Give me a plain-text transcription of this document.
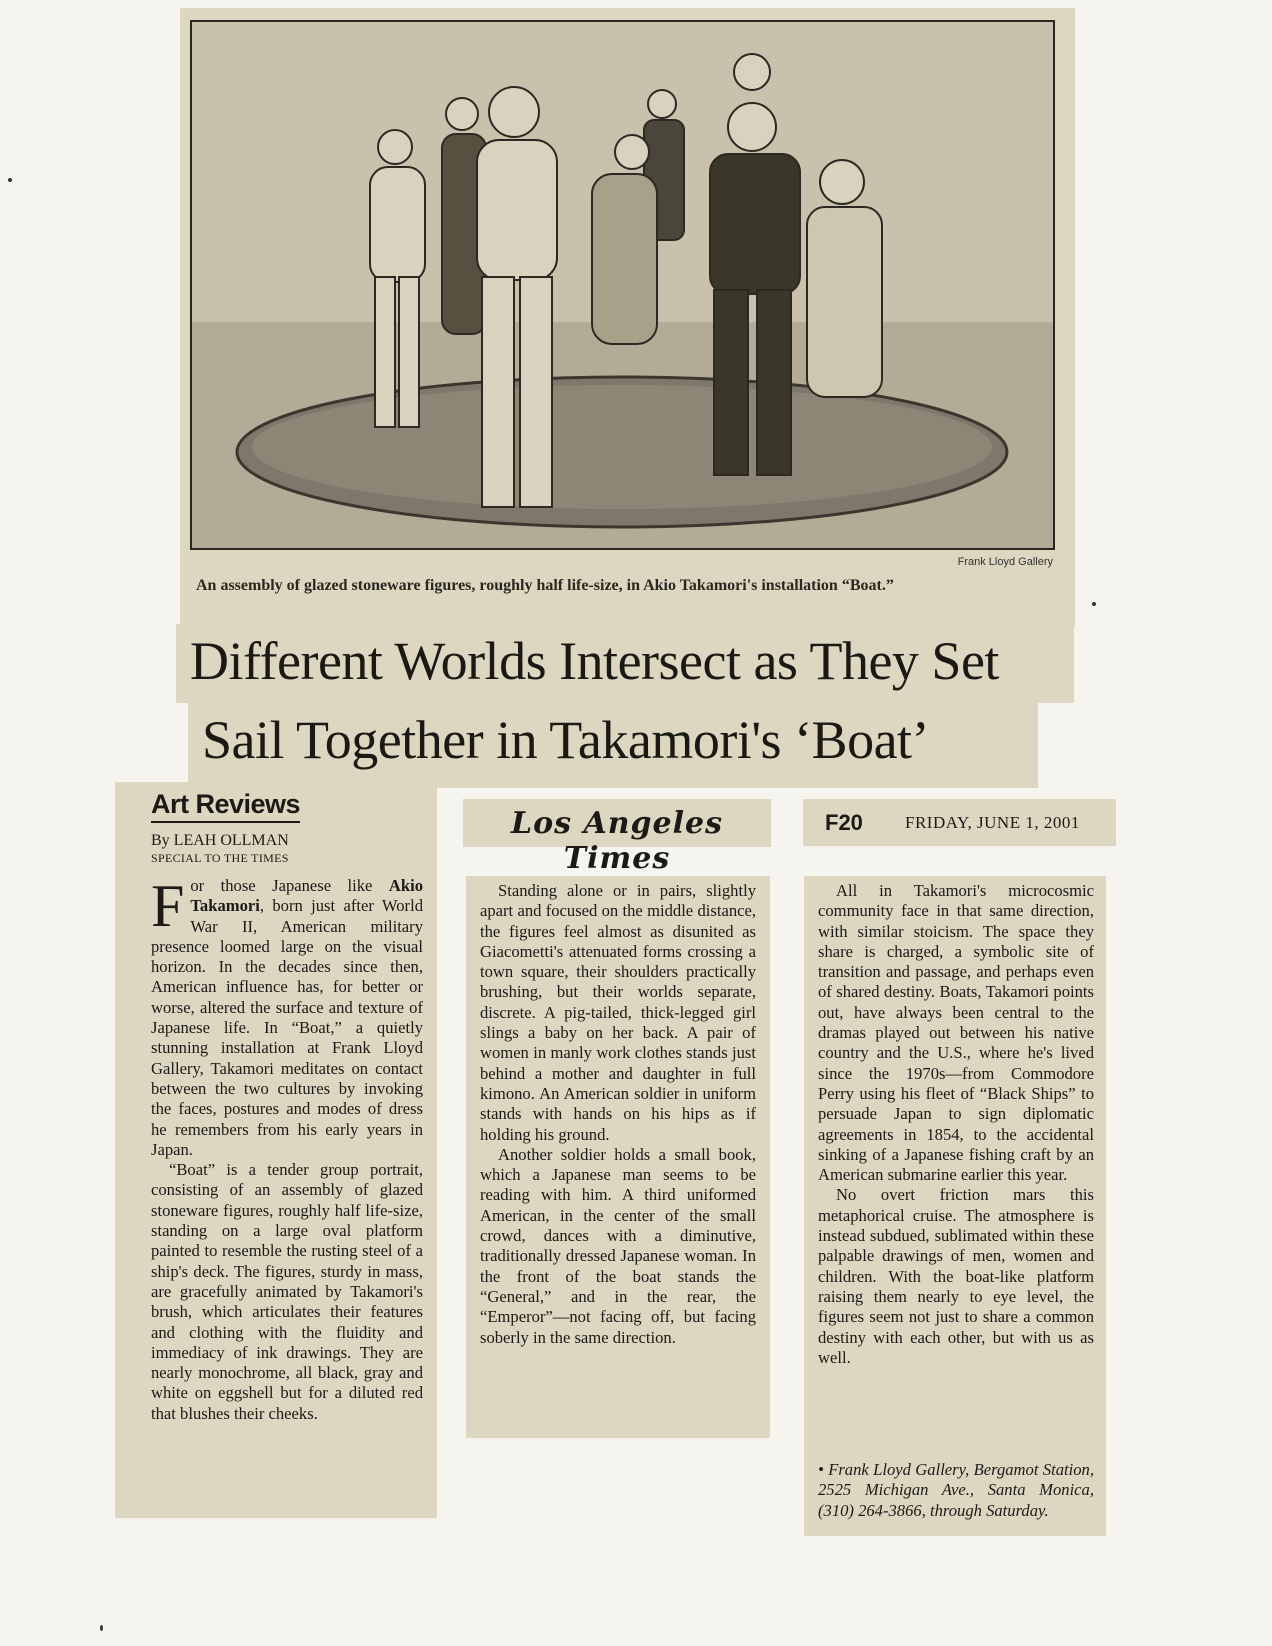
Frank Lloyd Gallery
An assembly of glazed stoneware figures, roughly half life-size, in Akio Takamori's installation “Boat.”
Different Worlds Intersect as They Set
Sail Together in Takamori's ‘Boat’
Los Angeles Times
F20 FRIDAY, JUNE 1, 2001
Art Reviews
By LEAH OLLMAN
SPECIAL TO THE TIMES

For those Japanese like Akio Takamori, born just after World War II, American military presence loomed large on the visual horizon. In the decades since then, American influence has, for better or worse, altered the surface and texture of Japanese life. In “Boat,” a quietly stunning installation at Frank Lloyd Gallery, Takamori meditates on contact between the two cultures by invoking the faces, postures and modes of dress he remembers from his early years in Japan.

“Boat” is a tender group portrait, consisting of an assembly of glazed stoneware figures, roughly half life-size, standing on a large oval platform painted to resemble the rusting steel of a ship's deck. The figures, sturdy in mass, are gracefully animated by Takamori's brush, which articulates their features and clothing with the fluidity and immediacy of ink drawings. They are nearly monochrome, all black, gray and white on eggshell but for a diluted red that blushes their cheeks.

Standing alone or in pairs, slightly apart and focused on the middle distance, the figures feel almost as disunited as Giacometti's attenuated forms crossing a town square, their shoulders practically brushing, but their worlds separate, discrete. A pig-tailed, thick-legged girl slings a baby on her back. A pair of women in manly work clothes stands just behind a mother and daughter in full kimono. An American soldier in uniform stands with hands on his hips as if holding his ground.

Another soldier holds a small book, which a Japanese man seems to be reading with him. A third uniformed American, in the center of the small crowd, dances with a diminutive, traditionally dressed Japanese woman. In the front of the boat stands the “General,” and in the rear, the “Emperor”—not facing off, but facing soberly in the same direction.

All in Takamori's microcosmic community face in that same direction, with similar stoicism. The space they share is charged, a symbolic site of transition and passage, and perhaps even of shared destiny. Boats, Takamori points out, have always been central to the dramas played out between his native country and the U.S., where he's lived since the 1970s—from Commodore Perry using his fleet of “Black Ships” to persuade Japan to sign diplomatic agreements in 1854, to the accidental sinking of a Japanese fishing craft by an American submarine earlier this year.

No overt friction mars this metaphorical cruise. The atmosphere is instead subdued, sublimated within these palpable drawings of men, women and children. With the boat-like platform raising them nearly to eye level, the figures seem not just to share a common destiny with each other, but with us as well.

• Frank Lloyd Gallery, Bergamot Station, 2525 Michigan Ave., Santa Monica, (310) 264-3866, through Saturday.
